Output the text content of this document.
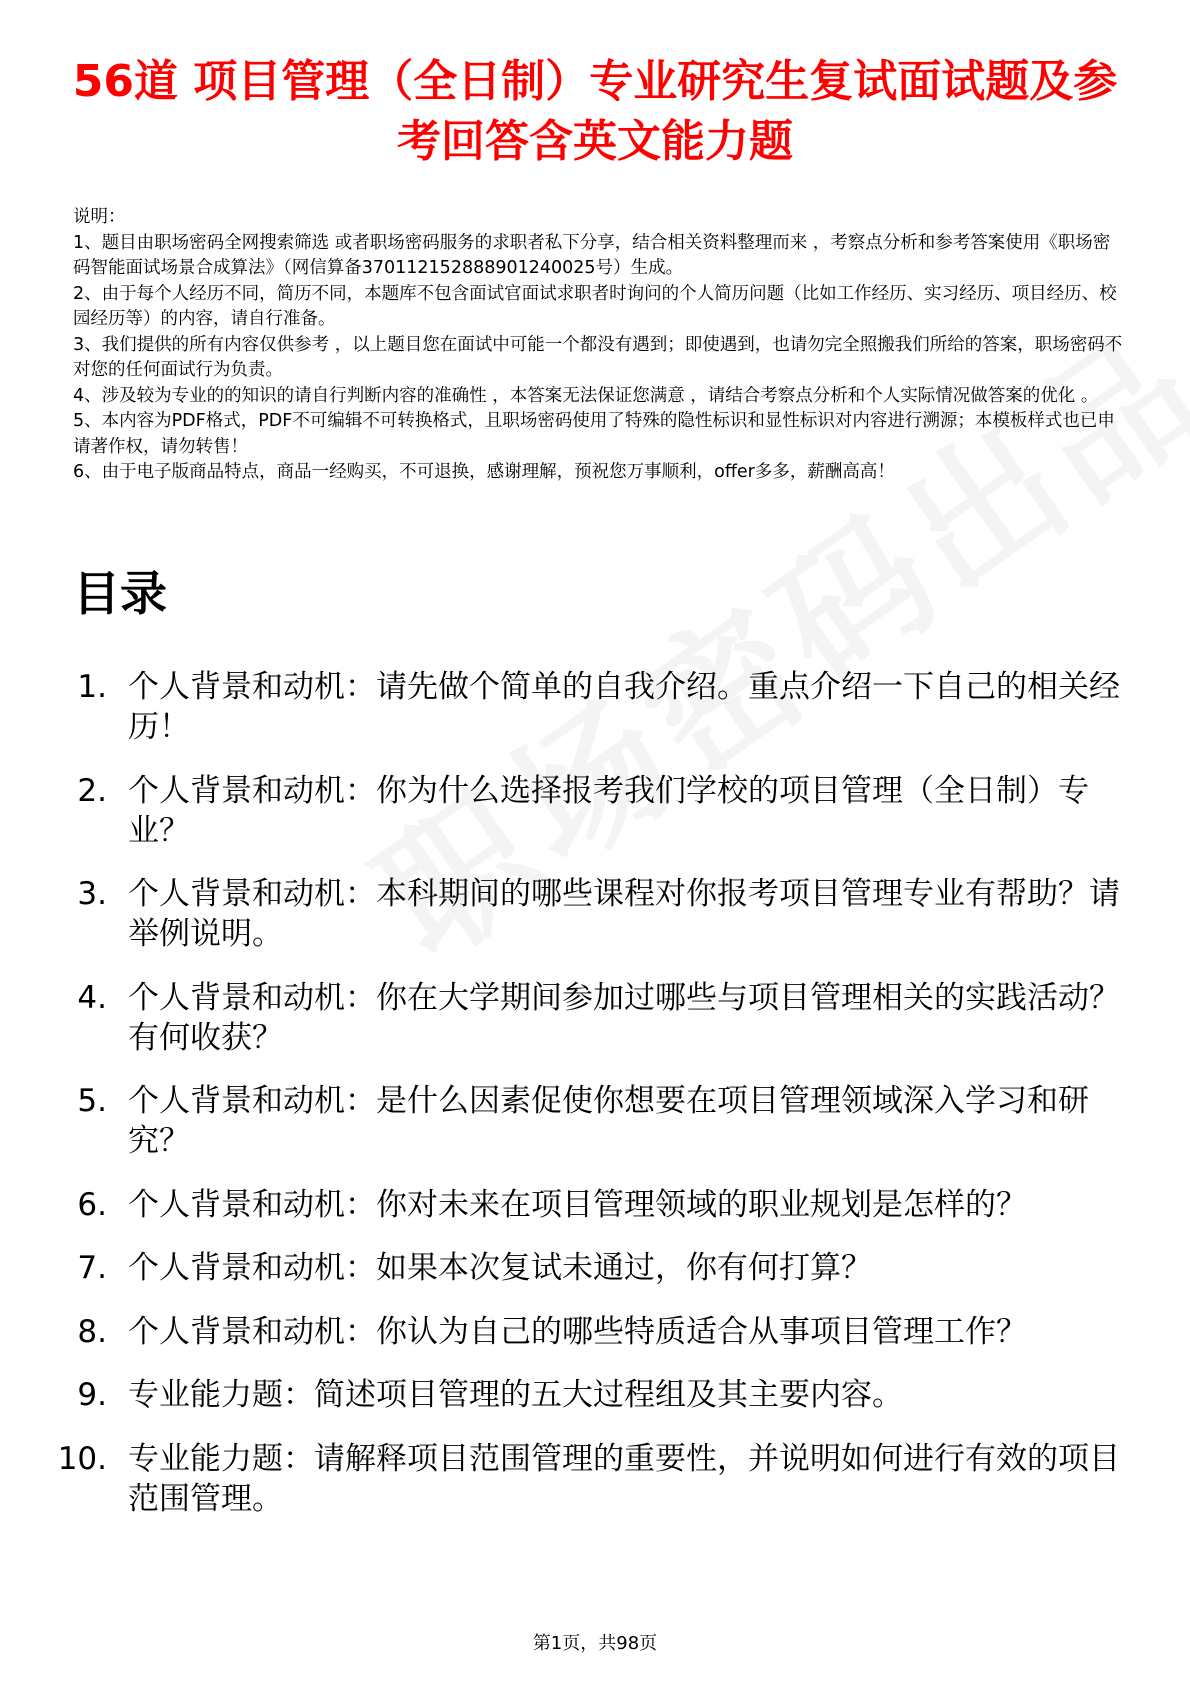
56道 项目管理（全日制）专业研究生复试面试题及参考回答含英文能力题

说明：

1、题目由职场密码全网搜索筛选 或者职场密码服务的求职者私下分享，结合相关资料整理而来 ，考察点分析和参考答案使用《职场密码智能面试场景合成算法》（网信算备370112152888901240025号）生成。

2、由于每个人经历不同，简历不同，本题库不包含面试官面试求职者时询问的个人简历问题（比如工作经历、实习经历、项目经历、校园经历等）的内容，请自行准备。

3、我们提供的所有内容仅供参考 ，以上题目您在面试中可能一个都没有遇到；即使遇到，也请勿完全照搬我们所给的答案，职场密码不对您的任何面试行为负责。

4、涉及较为专业的的知识的请自行判断内容的准确性 ，本答案无法保证您满意 ，请结合考察点分析和个人实际情况做答案的优化 。

5、本内容为PDF格式，PDF不可编辑不可转换格式，且职场密码使用了特殊的隐性标识和显性标识对内容进行溯源；本模板样式也已申请著作权，请勿转售！

6、由于电子版商品特点，商品一经购买，不可退换，感谢理解，预祝您万事顺利，offer多多，薪酬高高！

目录
1. 个人背景和动机：请先做个简单的自我介绍。重点介绍一下自己的相关经历！
2. 个人背景和动机：你为什么选择报考我们学校的项目管理（全日制）专业？
3. 个人背景和动机：本科期间的哪些课程对你报考项目管理专业有帮助？请举例说明。
4. 个人背景和动机：你在大学期间参加过哪些与项目管理相关的实践活动？有何收获？
5. 个人背景和动机：是什么因素促使你想要在项目管理领域深入学习和研究？
6. 个人背景和动机：你对未来在项目管理领域的职业规划是怎样的？
7. 个人背景和动机：如果本次复试未通过，你有何打算？
8. 个人背景和动机：你认为自己的哪些特质适合从事项目管理工作？
9. 专业能力题：简述项目管理的五大过程组及其主要内容。
10. 专业能力题：请解释项目范围管理的重要性，并说明如何进行有效的项目范围管理。
第1页，共98页
